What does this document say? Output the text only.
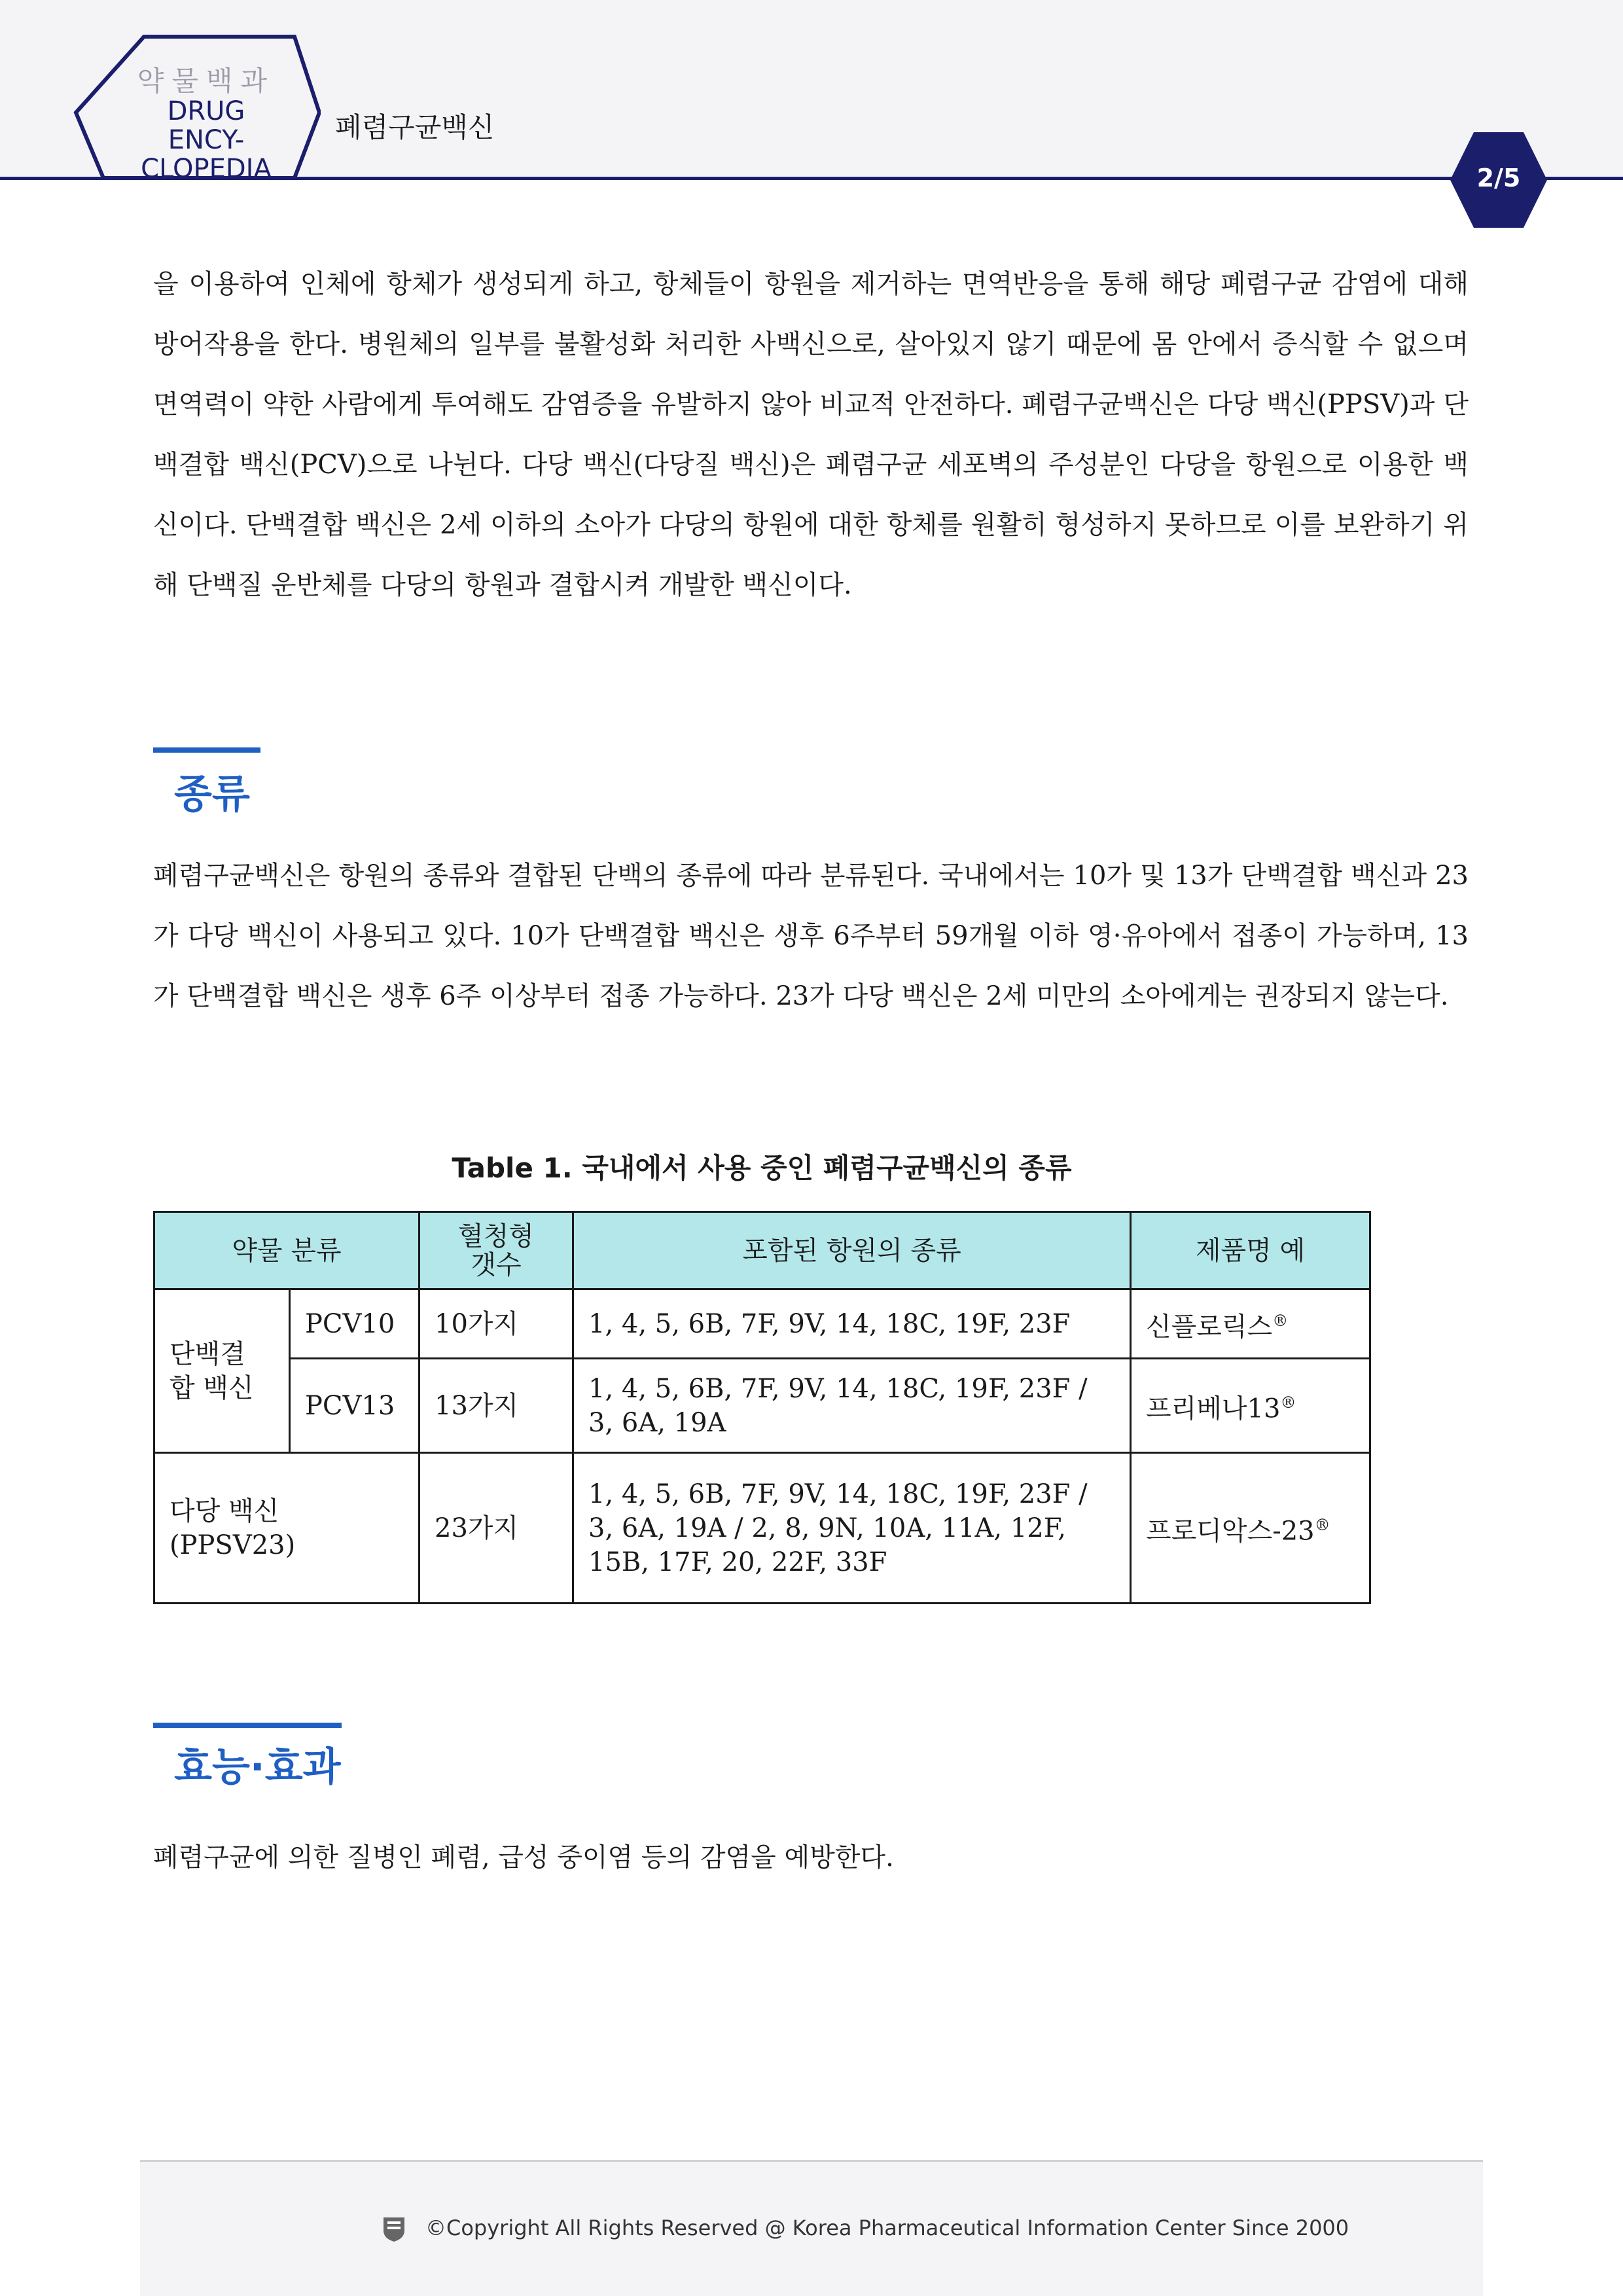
약물백과
DRUG ENCY-
CLOPEDIA
폐렴구균백신
2/5
을 이용하여 인체에 항체가 생성되게 하고, 항체들이 항원을 제거하는 면역반응을 통해 해당 폐렴구균 감염에 대해 방어작용을 한다. 병원체의 일부를 불활성화 처리한 사백신으로, 살아있지 않기 때문에 몸 안에서 증식할 수 없으며 면역력이 약한 사람에게 투여해도 감염증을 유발하지 않아 비교적 안전하다. 폐렴구균백신은 다당 백신(PPSV)과 단백결합 백신(PCV)으로 나뉜다. 다당 백신(다당질 백신)은 폐렴구균 세포벽의 주성분인 다당을 항원으로 이용한 백신이다. 단백결합 백신은 2세 이하의 소아가 다당의 항원에 대한 항체를 원활히 형성하지 못하므로 이를 보완하기 위해 단백질 운반체를 다당의 항원과 결합시켜 개발한 백신이다.
종류
폐렴구균백신은 항원의 종류와 결합된 단백의 종류에 따라 분류된다. 국내에서는 10가 및 13가 단백결합 백신과 23가 다당 백신이 사용되고 있다. 10가 단백결합 백신은 생후 6주부터 59개월 이하 영·유아에서 접종이 가능하며, 13가 단백결합 백신은 생후 6주 이상부터 접종 가능하다. 23가 다당 백신은 2세 미만의 소아에게는 권장되지 않는다.
Table 1. 국내에서 사용 중인 폐렴구균백신의 종류
약물 분류		혈청형 갯수	포함된 항원의 종류	제품명 예
단백결합 백신	PCV10	10가지	1, 4, 5, 6B, 7F, 9V, 14, 18C, 19F, 23F	신플로릭스®
	PCV13	13가지	1, 4, 5, 6B, 7F, 9V, 14, 18C, 19F, 23F / 3, 6A, 19A	프리베나13®
다당 백신(PPSV23)		23가지	1, 4, 5, 6B, 7F, 9V, 14, 18C, 19F, 23F / 3, 6A, 19A / 2, 8, 9N, 10A, 11A, 12F, 15B, 17F, 20, 22F, 33F	프로디악스-23®
효능·효과
폐렴구균에 의한 질병인 폐렴, 급성 중이염 등의 감염을 예방한다.
©Copyright All Rights Reserved @ Korea Pharmaceutical Information Center Since 2000
